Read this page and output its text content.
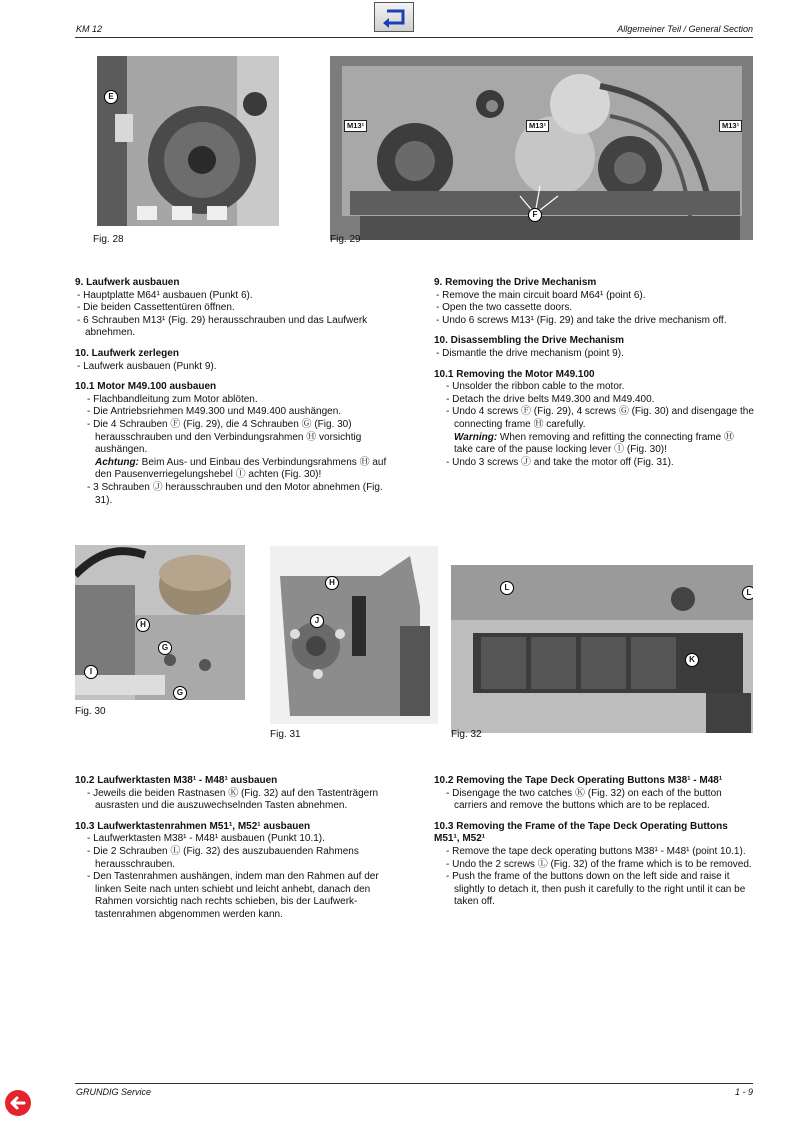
KM 12	Allgemeiner Teil / General Section
E
Fig. 28
M13¹	M13¹	M13¹
F
Fig. 29

9. Laufwerk ausbauen

- Hauptplatte M64¹ ausbauen (Punkt 6).

- Die beiden Cassettentüren öffnen.

- 6 Schrauben M13¹ (Fig. 29) herausschrauben und das Laufwerk abnehmen.

10. Laufwerk zerlegen

- Laufwerk ausbauen (Punkt 9).

10.1 Motor M49.100 ausbauen

- Flachbandleitung zum Motor ablöten.

- Die Antriebsriehmen M49.300 und M49.400 aushängen.

- Die 4 Schrauben Ⓕ (Fig. 29), die 4 Schrauben Ⓖ (Fig. 30) herausschrauben und den Verbindungsrahmen Ⓗ vorsichtig aushängen.

Achtung: Beim Aus- und Einbau des Verbindungsrahmens Ⓗ auf den Pausenverriegelungshebel Ⓘ achten (Fig. 30)!

- 3 Schrauben Ⓙ herausschrauben und den Motor abnehmen (Fig. 31).

9. Removing the Drive Mechanism

- Remove the main circuit board M64¹ (point 6).

- Open the two cassette doors.

- Undo 6 screws M13¹ (Fig. 29) and take the drive mechanism off.

10. Disassembling the Drive Mechanism

- Dismantle the drive mechanism (point 9).

10.1 Removing the Motor M49.100

- Unsolder the ribbon cable to the motor.

- Detach the drive belts M49.300 and M49.400.

- Undo 4 screws Ⓕ (Fig. 29), 4 screws Ⓖ (Fig. 30) and disengage the connecting frame Ⓗ carefully.

Warning: When removing and refitting the connecting frame Ⓗ take care of the pause locking lever Ⓘ (Fig. 30)!

- Undo 3 screws Ⓙ and take the motor off (Fig. 31).

H
G
I
G
Fig. 30
H
J
Fig. 31
L
L
K
Fig. 32

10.2 Laufwerktasten M38¹ - M48¹ ausbauen

- Jeweils die beiden Rastnasen Ⓚ (Fig. 32) auf den Tastenträgern ausrasten und die auszuwechselnden Tasten abnehmen.

10.3 Laufwerktastenrahmen M51¹, M52¹ ausbauen

- Laufwerktasten M38¹ - M48¹ ausbauen (Punkt 10.1).

- Die 2 Schrauben Ⓛ (Fig. 32) des auszubauenden Rahmens herausschrauben.

- Den Tastenrahmen aushängen, indem man den Rahmen auf der linken Seite nach unten schiebt und leicht anhebt, danach den Rahmen vorsichtig nach rechts schieben, bis der Laufwerk-tastenrahmen abgenommen werden kann.

10.2 Removing the Tape Deck Operating Buttons M38¹ - M48¹

- Disengage the two catches Ⓚ (Fig. 32) on each of the button carriers and remove the buttons which are to be replaced.

10.3 Removing the Frame of the Tape Deck Operating Buttons M51¹, M52¹

- Remove the tape deck operating buttons M38¹ - M48¹ (point 10.1).

- Undo the 2 screws Ⓛ (Fig. 32) of the frame which is to be removed.

- Push the frame of the buttons down on the left side and raise it slightly to detach it, then push it carefully to the right until it can be taken off.

GRUNDIG Service	1 - 9
